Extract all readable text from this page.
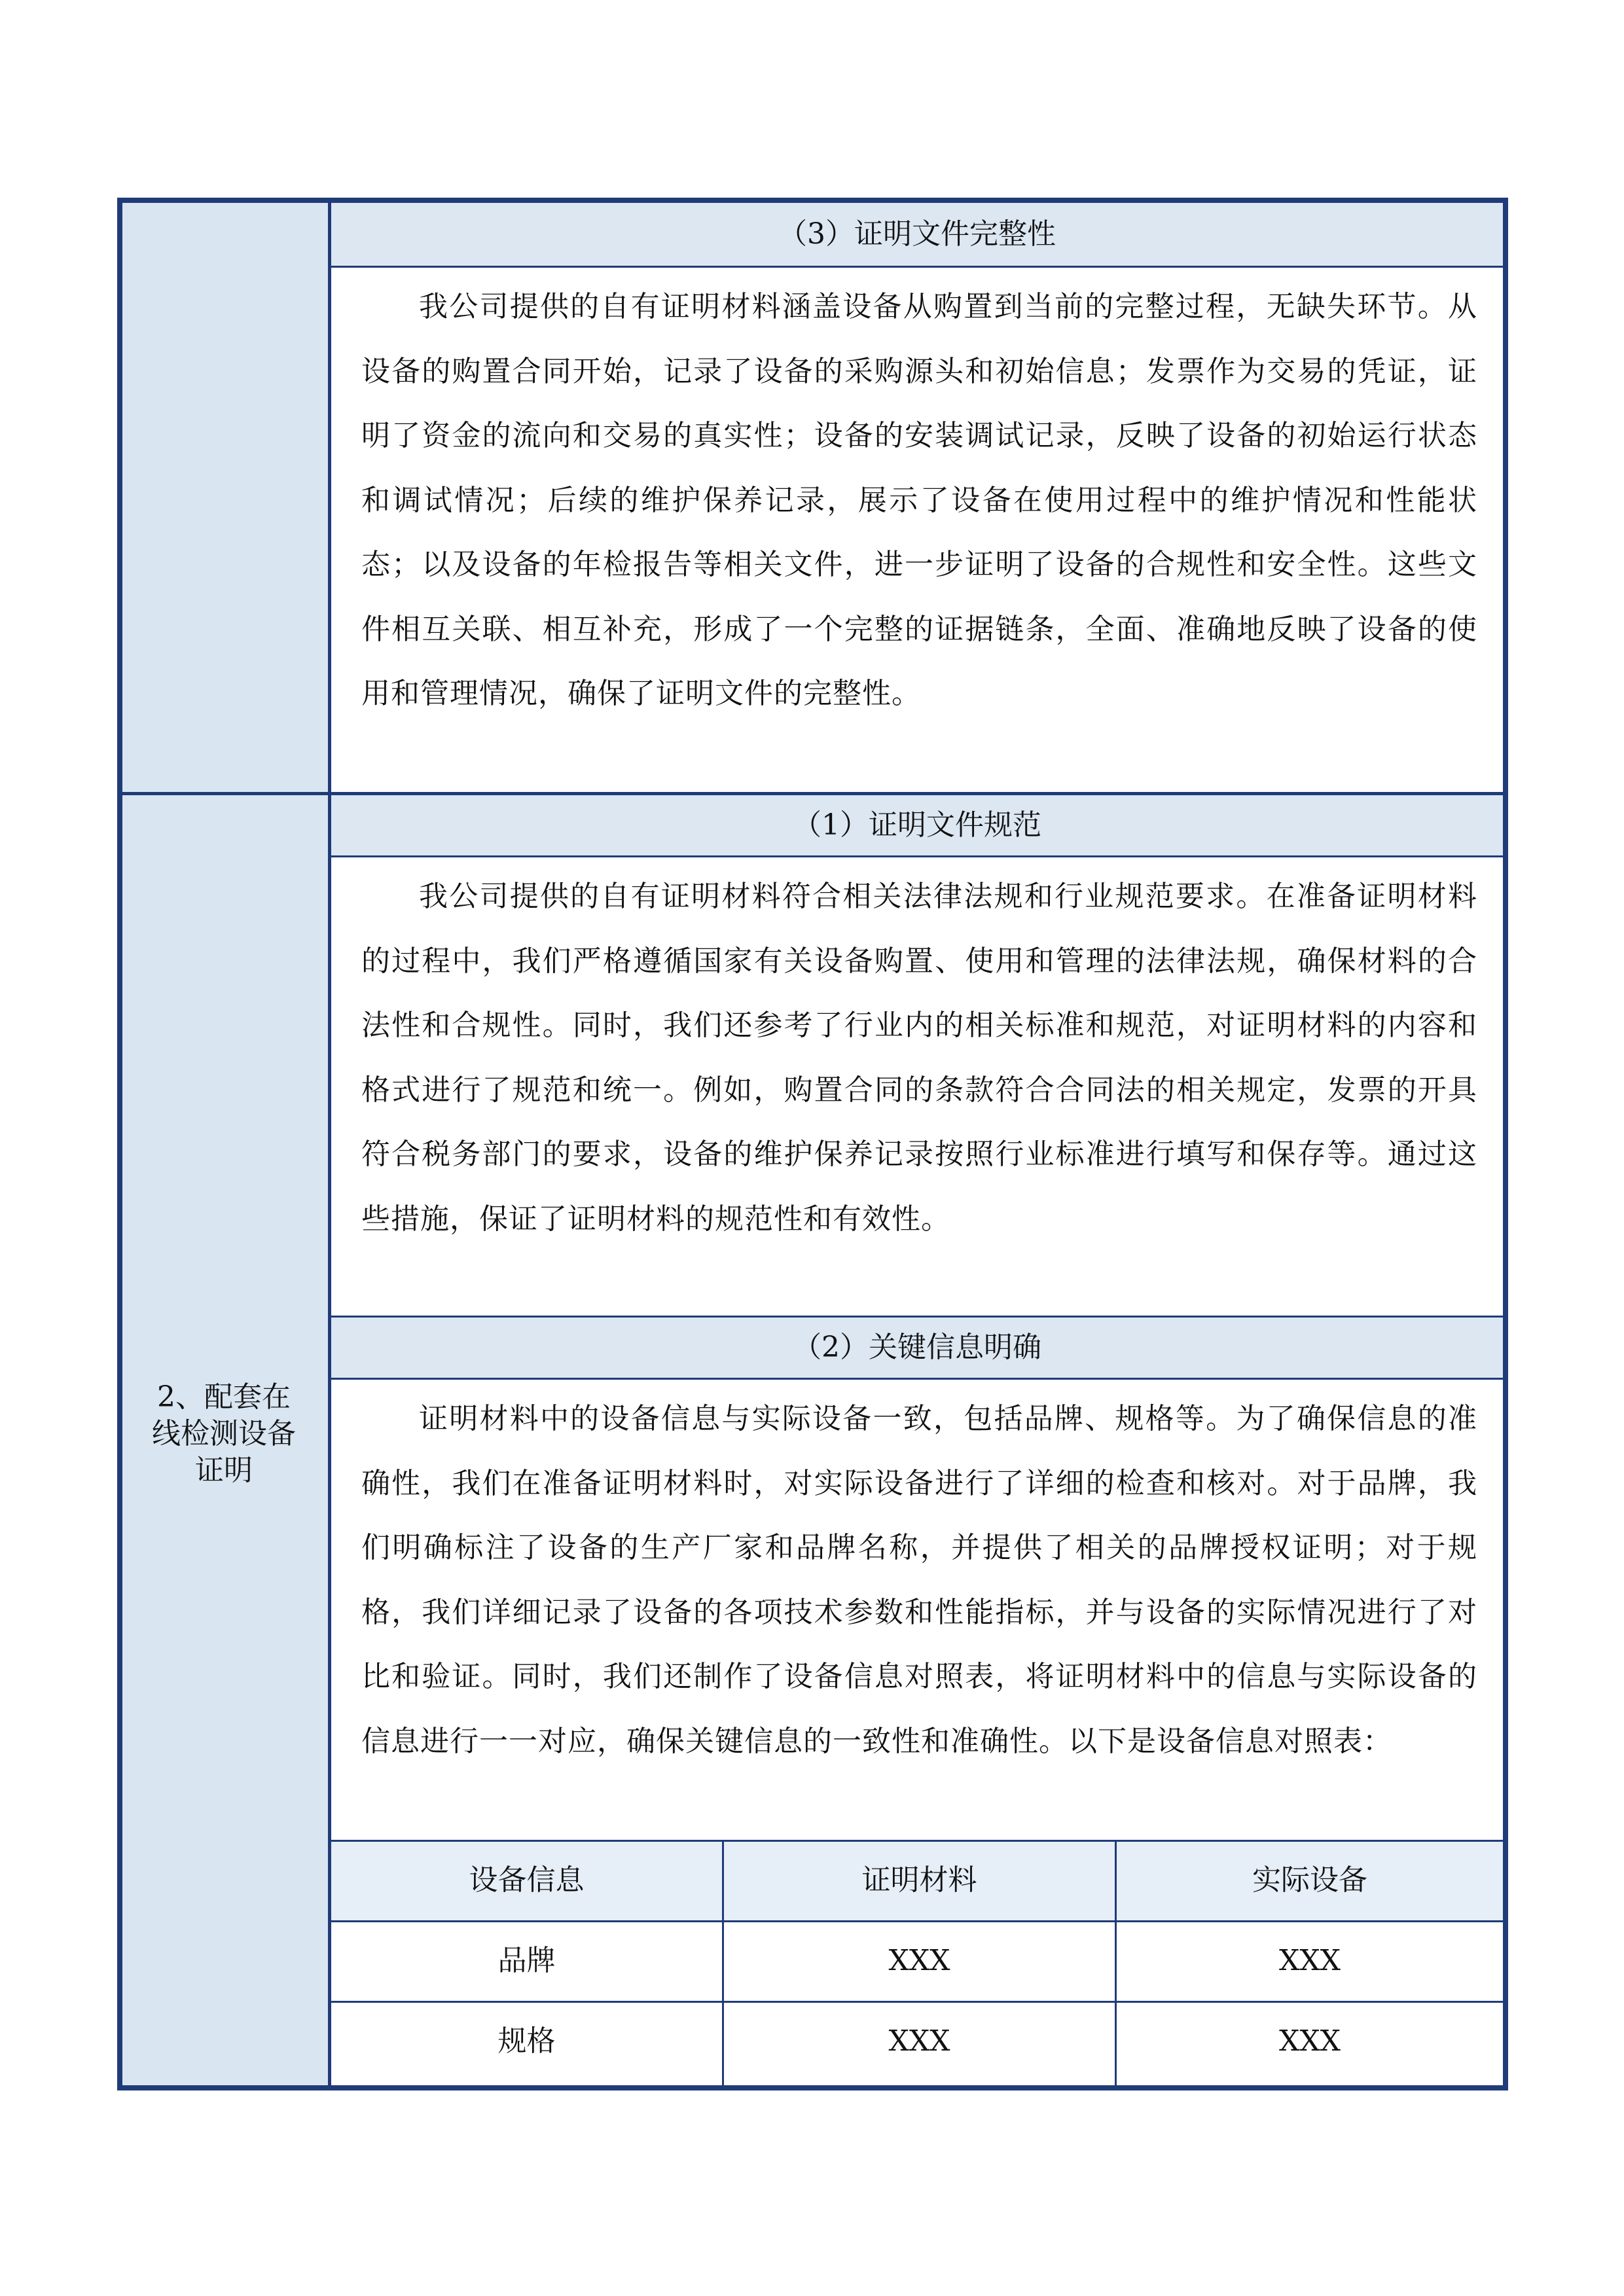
（3）证明文件完整性

我公司提供的自有证明材料涵盖设备从购置到当前的完整过程，无缺失环节。从设备的购置合同开始，记录了设备的采购源头和初始信息；发票作为交易的凭证，证明了资金的流向和交易的真实性；设备的安装调试记录，反映了设备的初始运行状态和调试情况；后续的维护保养记录，展示了设备在使用过程中的维护情况和性能状态；以及设备的年检报告等相关文件，进一步证明了设备的合规性和安全性。这些文件相互关联、相互补充，形成了一个完整的证据链条，全面、准确地反映了设备的使用和管理情况，确保了证明文件的完整性。

2、配套在线检测设备证明
（1）证明文件规范

我公司提供的自有证明材料符合相关法律法规和行业规范要求。在准备证明材料的过程中，我们严格遵循国家有关设备购置、使用和管理的法律法规，确保材料的合法性和合规性。同时，我们还参考了行业内的相关标准和规范，对证明材料的内容和格式进行了规范和统一。例如，购置合同的条款符合合同法的相关规定，发票的开具符合税务部门的要求，设备的维护保养记录按照行业标准进行填写和保存等。通过这些措施，保证了证明材料的规范性和有效性。

（2）关键信息明确

证明材料中的设备信息与实际设备一致，包括品牌、规格等。为了确保信息的准确性，我们在准备证明材料时，对实际设备进行了详细的检查和核对。对于品牌，我们明确标注了设备的生产厂家和品牌名称，并提供了相关的品牌授权证明；对于规格，我们详细记录了设备的各项技术参数和性能指标，并与设备的实际情况进行了对比和验证。同时，我们还制作了设备信息对照表，将证明材料中的信息与实际设备的信息进行一一对应，确保关键信息的一致性和准确性。以下是设备信息对照表：

设备信息	证明材料	实际设备
品牌	XXX	XXX
规格	XXX	XXX
